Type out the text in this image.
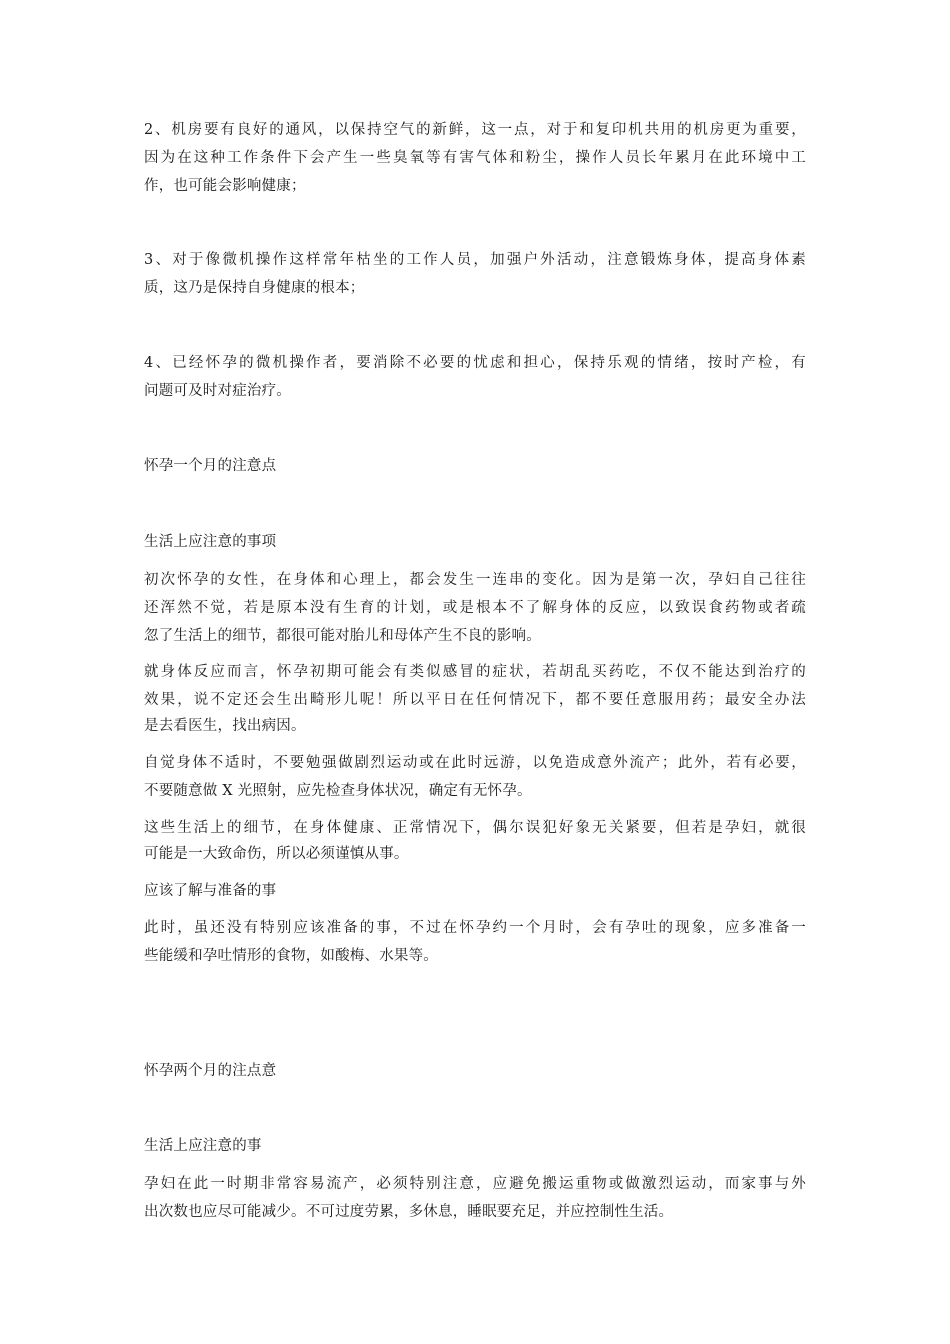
2、机房要有良好的通风，以保持空气的新鲜，这一点，对于和复印机共用的机房更为重要，

因为在这种工作条件下会产生一些臭氧等有害气体和粉尘，操作人员长年累月在此环境中工

作，也可能会影响健康；

3、对于像微机操作这样常年枯坐的工作人员，加强户外活动，注意锻炼身体，提高身体素

质，这乃是保持自身健康的根本；

4、已经怀孕的微机操作者，要消除不必要的忧虑和担心，保持乐观的情绪，按时产检，有

问题可及时对症治疗。

怀孕一个月的注意点

生活上应注意的事项

初次怀孕的女性，在身体和心理上，都会发生一连串的变化。因为是第一次，孕妇自己往往

还浑然不觉，若是原本没有生育的计划，或是根本不了解身体的反应，以致误食药物或者疏

忽了生活上的细节，都很可能对胎儿和母体产生不良的影响。

就身体反应而言，怀孕初期可能会有类似感冒的症状，若胡乱买药吃，不仅不能达到治疗的

效果，说不定还会生出畸形儿呢！所以平日在任何情况下，都不要任意服用药；最安全办法

是去看医生，找出病因。

自觉身体不适时，不要勉强做剧烈运动或在此时远游，以免造成意外流产；此外，若有必要，

不要随意做 X 光照射，应先检查身体状况，确定有无怀孕。

这些生活上的细节，在身体健康、正常情况下，偶尔误犯好象无关紧要，但若是孕妇，就很

可能是一大致命伤，所以必须谨慎从事。

应该了解与准备的事

此时，虽还没有特别应该准备的事，不过在怀孕约一个月时，会有孕吐的现象，应多准备一

些能缓和孕吐情形的食物，如酸梅、水果等。

怀孕两个月的注点意

生活上应注意的事

孕妇在此一时期非常容易流产，必须特别注意，应避免搬运重物或做激烈运动，而家事与外

出次数也应尽可能减少。不可过度劳累，多休息，睡眠要充足，并应控制性生活。
